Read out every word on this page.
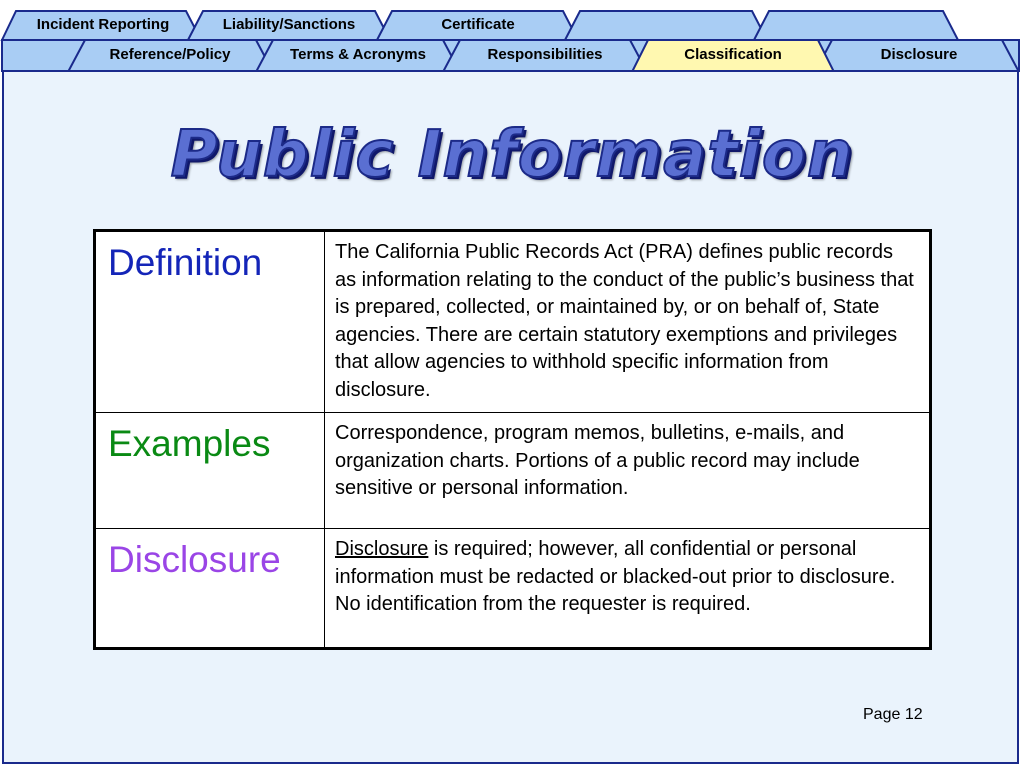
Incident Reporting	Liability/Sanctions	Certificate
Reference/Policy	Terms & Acronyms	Responsibilities	Classification	Disclosure
Public Information
Definition	The California Public Records Act (PRA) defines public records as information relating to the conduct of the public’s business that is prepared, collected, or maintained by, or on behalf of, State agencies. There are certain statutory exemptions and privileges that allow agencies to withhold specific information from disclosure.
Examples	Correspondence, program memos, bulletins, e-mails, and organization charts. Portions of a public record may include sensitive or personal information.
Disclosure	Disclosure is required; however, all confidential or personal information must be redacted or blacked-out prior to disclosure. No identification from the requester is required.
Page 12
